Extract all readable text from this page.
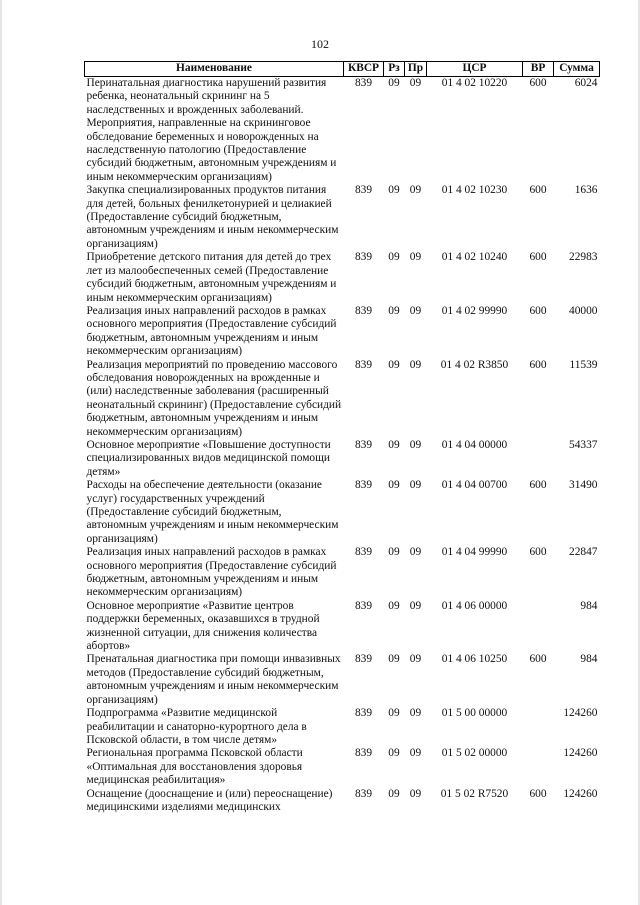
102
Наименование	КВСР	Рз	Пр	ЦСР	ВР	Сумма
Перинатальная диагностика нарушений развития ребенка, неонатальный скрининг на 5 наследственных и врожденных заболеваний. Мероприятия, направленные на скрининговое обследование беременных и новорожденных на наследственную патологию (Предоставление субсидий бюджетным, автономным учреждениям и иным некоммерческим организациям)	839	09	09	01 4 02 10220	600	6024
Закупка специализированных продуктов питания для детей, больных фенилкетонурией и целиакией (Предоставление субсидий бюджетным, автономным учреждениям и иным некоммерческим организациям)	839	09	09	01 4 02 10230	600	1636
Приобретение детского питания для детей до трех лет из малообеспеченных семей (Предоставление субсидий бюджетным, автономным учреждениям и иным некоммерческим организациям)	839	09	09	01 4 02 10240	600	22983
Реализация иных направлений расходов в рамках основного мероприятия (Предоставление субсидий бюджетным, автономным учреждениям и иным некоммерческим организациям)	839	09	09	01 4 02 99990	600	40000
Реализация мероприятий по проведению массового обследования новорожденных на врожденные и (или) наследственные заболевания (расширенный неонатальный скрининг) (Предоставление субсидий бюджетным, автономным учреждениям и иным некоммерческим организациям)	839	09	09	01 4 02 R3850	600	11539
Основное мероприятие «Повышение доступности специализированных видов медицинской помощи детям»	839	09	09	01 4 04 00000		54337
Расходы на обеспечение деятельности (оказание услуг) государственных учреждений (Предоставление субсидий бюджетным, автономным учреждениям и иным некоммерческим организациям)	839	09	09	01 4 04 00700	600	31490
Реализация иных направлений расходов в рамках основного мероприятия (Предоставление субсидий бюджетным, автономным учреждениям и иным некоммерческим организациям)	839	09	09	01 4 04 99990	600	22847
Основное мероприятие «Развитие центров поддержки беременных, оказавшихся в трудной жизненной ситуации, для снижения количества абортов»	839	09	09	01 4 06 00000		984
Пренатальная диагностика при помощи инвазивных методов (Предоставление субсидий бюджетным, автономным учреждениям и иным некоммерческим организациям)	839	09	09	01 4 06 10250	600	984
Подпрограмма «Развитие медицинской реабилитации и санаторно-курортного дела в Псковской области, в том числе детям»	839	09	09	01 5 00 00000		124260
Региональная программа Псковской области «Оптимальная для восстановления здоровья медицинская реабилитация»	839	09	09	01 5 02 00000		124260
Оснащение (дооснащение и (или) переоснащение) медицинскими изделиями медицинских	839	09	09	01 5 02 R7520	600	124260
